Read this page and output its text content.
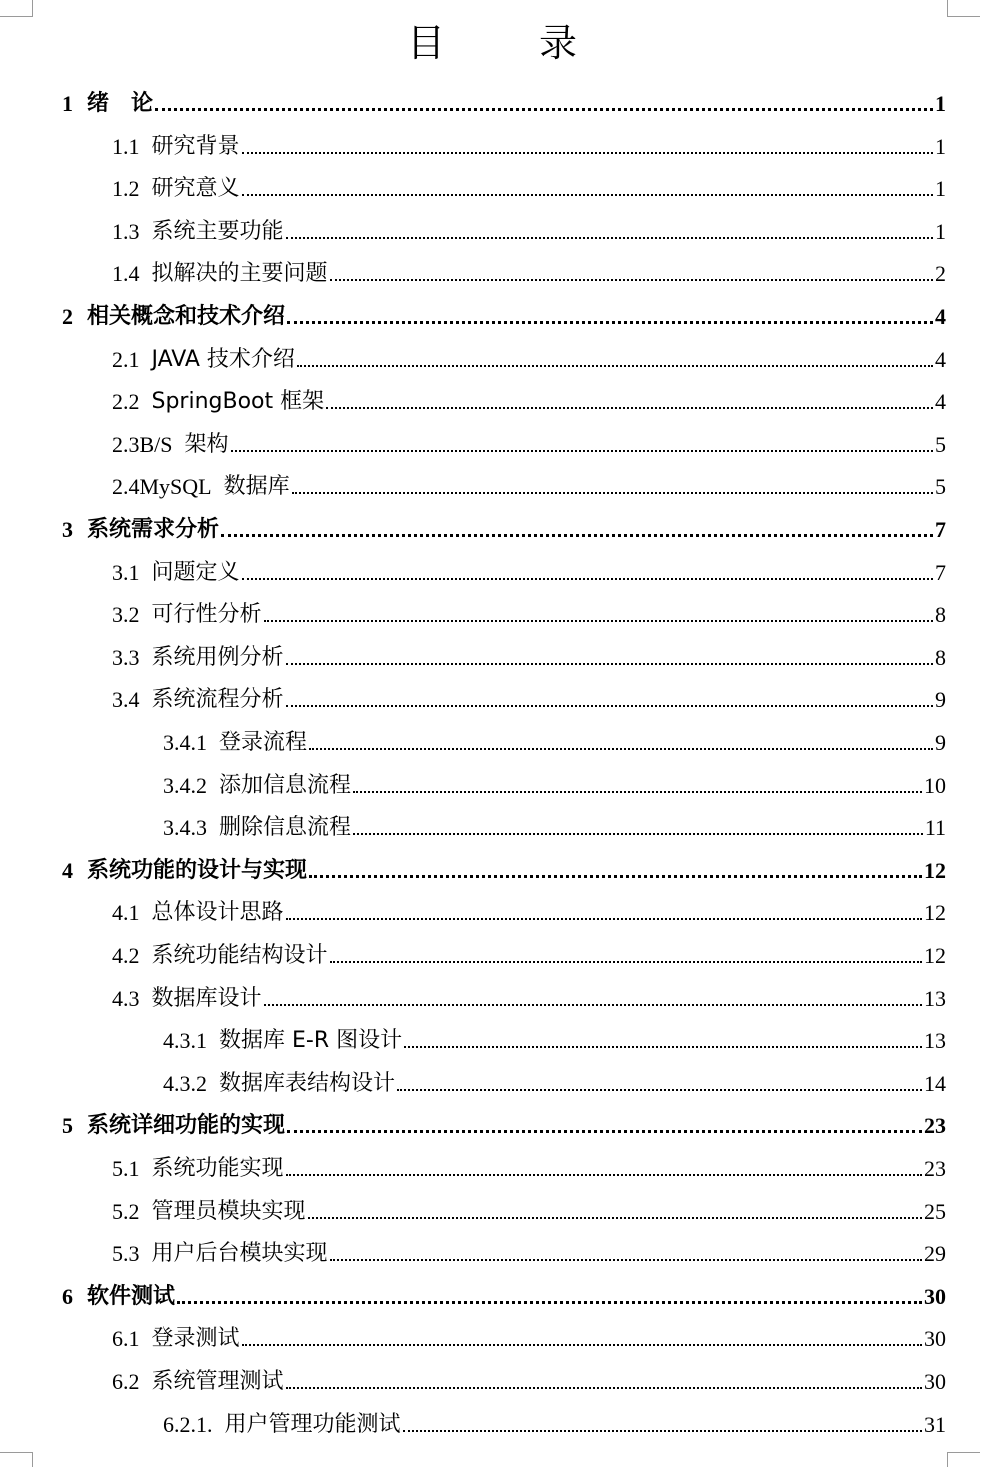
目　录
1 绪　论	1
1.1 研究背景	1
1.2 研究意义	1
1.3 系统主要功能	1
1.4 拟解决的主要问题	2
2 相关概念和技术介绍	4
2.1 JAVA 技术介绍	4
2.2 SpringBoot 框架	4
2.3B/S 架构	5
2.4MySQL 数据库	5
3 系统需求分析	7
3.1 问题定义	7
3.2 可行性分析	8
3.3 系统用例分析	8
3.4 系统流程分析	9
3.4.1 登录流程	9
3.4.2 添加信息流程	10
3.4.3 删除信息流程	11
4 系统功能的设计与实现	12
4.1 总体设计思路	12
4.2 系统功能结构设计	12
4.3 数据库设计	13
4.3.1 数据库 E-R 图设计	13
4.3.2 数据库表结构设计	14
5 系统详细功能的实现	23
5.1 系统功能实现	23
5.2 管理员模块实现	25
5.3 用户后台模块实现	29
6 软件测试	30
6.1 登录测试	30
6.2 系统管理测试	30
6.2.1. 用户管理功能测试	31
